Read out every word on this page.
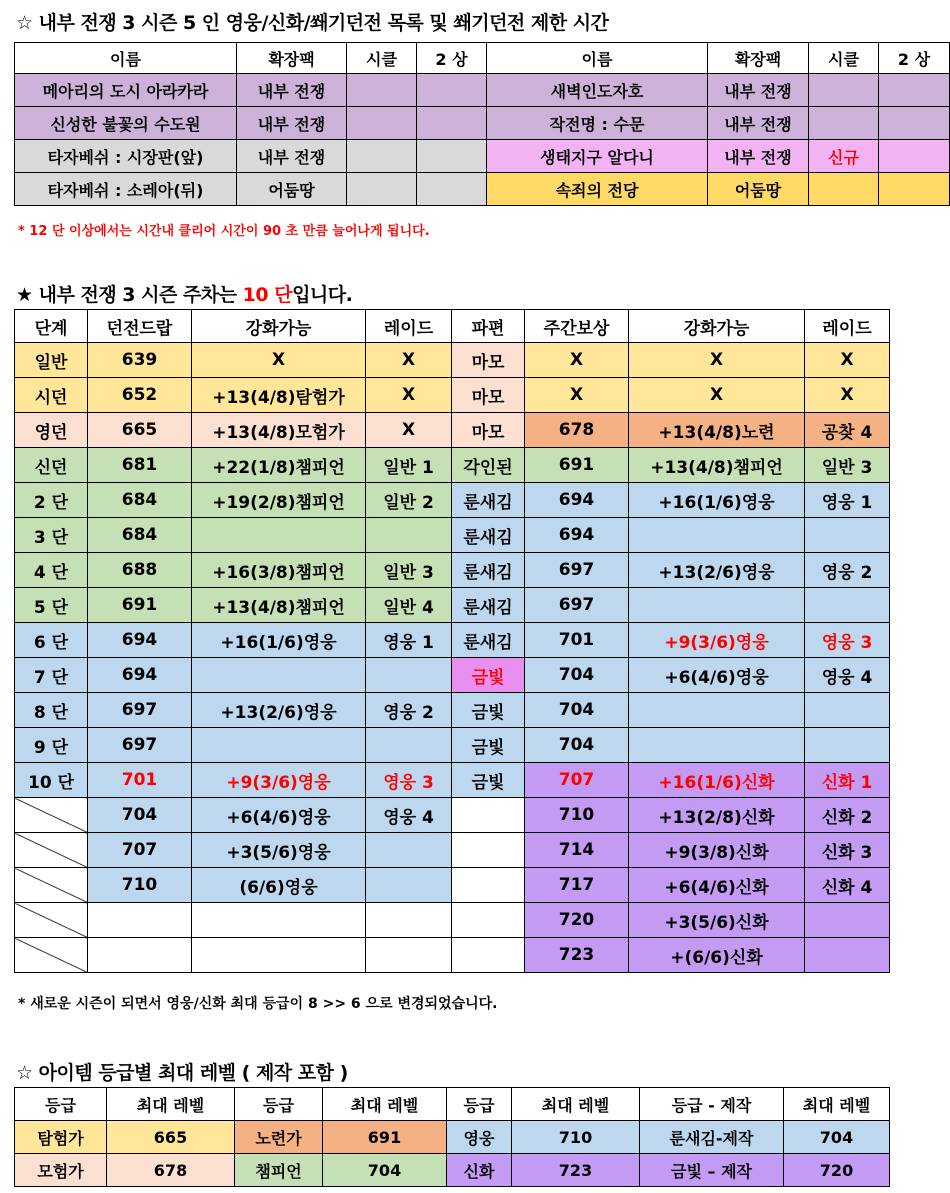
☆ 내부 전쟁 3 시즌 5 인 영웅/신화/쐐기던전 목록 및 쐐기던전 제한 시간
이름	확장팩	시클	2 상	이름	확장팩	시클	2 상
메아리의 도시 아라카라	내부 전쟁			새벽인도자호	내부 전쟁		
신성한 불꽃의 수도원	내부 전쟁			작전명 : 수문	내부 전쟁		
타자베쉬 : 시장판(앞)	내부 전쟁			생태지구 알다니	내부 전쟁	신규	
타자베쉬 : 소레아(뒤)	어둠땅			속죄의 전당	어둠땅		
* 12 단 이상에서는 시간내 클리어 시간이 90 초 만큼 늘어나게 됩니다.
★ 내부 전쟁 3 시즌 주차는 10 단입니다.
단계	던전드랍	강화가능	레이드	파편	주간보상	강화가능	레이드
일반	639	X	X	마모	X	X	X
시던	652	+13(4/8)탐험가	X	마모	X	X	X
영던	665	+13(4/8)모험가	X	마모	678	+13(4/8)노련	공찾 4
신던	681	+22(1/8)챔피언	일반 1	각인된	691	+13(4/8)챔피언	일반 3
2 단	684	+19(2/8)챔피언	일반 2	룬새김	694	+16(1/6)영웅	영웅 1
3 단	684			룬새김	694		
4 단	688	+16(3/8)챔피언	일반 3	룬새김	697	+13(2/6)영웅	영웅 2
5 단	691	+13(4/8)챔피언	일반 4	룬새김	697		
6 단	694	+16(1/6)영웅	영웅 1	룬새김	701	+9(3/6)영웅	영웅 3
7 단	694			금빛	704	+6(4/6)영웅	영웅 4
8 단	697	+13(2/6)영웅	영웅 2	금빛	704		
9 단	697			금빛	704		
10 단	701	+9(3/6)영웅	영웅 3	금빛	707	+16(1/6)신화	신화 1
	704	+6(4/6)영웅	영웅 4		710	+13(2/8)신화	신화 2
	707	+3(5/6)영웅			714	+9(3/8)신화	신화 3
	710	(6/6)영웅			717	+6(4/6)신화	신화 4
					720	+3(5/6)신화	
					723	+(6/6)신화	
* 새로운 시즌이 되면서 영웅/신화 최대 등급이 8 >> 6 으로 변경되었습니다.
☆ 아이템 등급별 최대 레벨 ( 제작 포함 )
등급	최대 레벨	등급	최대 레벨	등급	최대 레벨	등급 - 제작	최대 레벨
탐험가	665	노련가	691	영웅	710	룬새김-제작	704
모험가	678	챔피언	704	신화	723	금빛 – 제작	720
